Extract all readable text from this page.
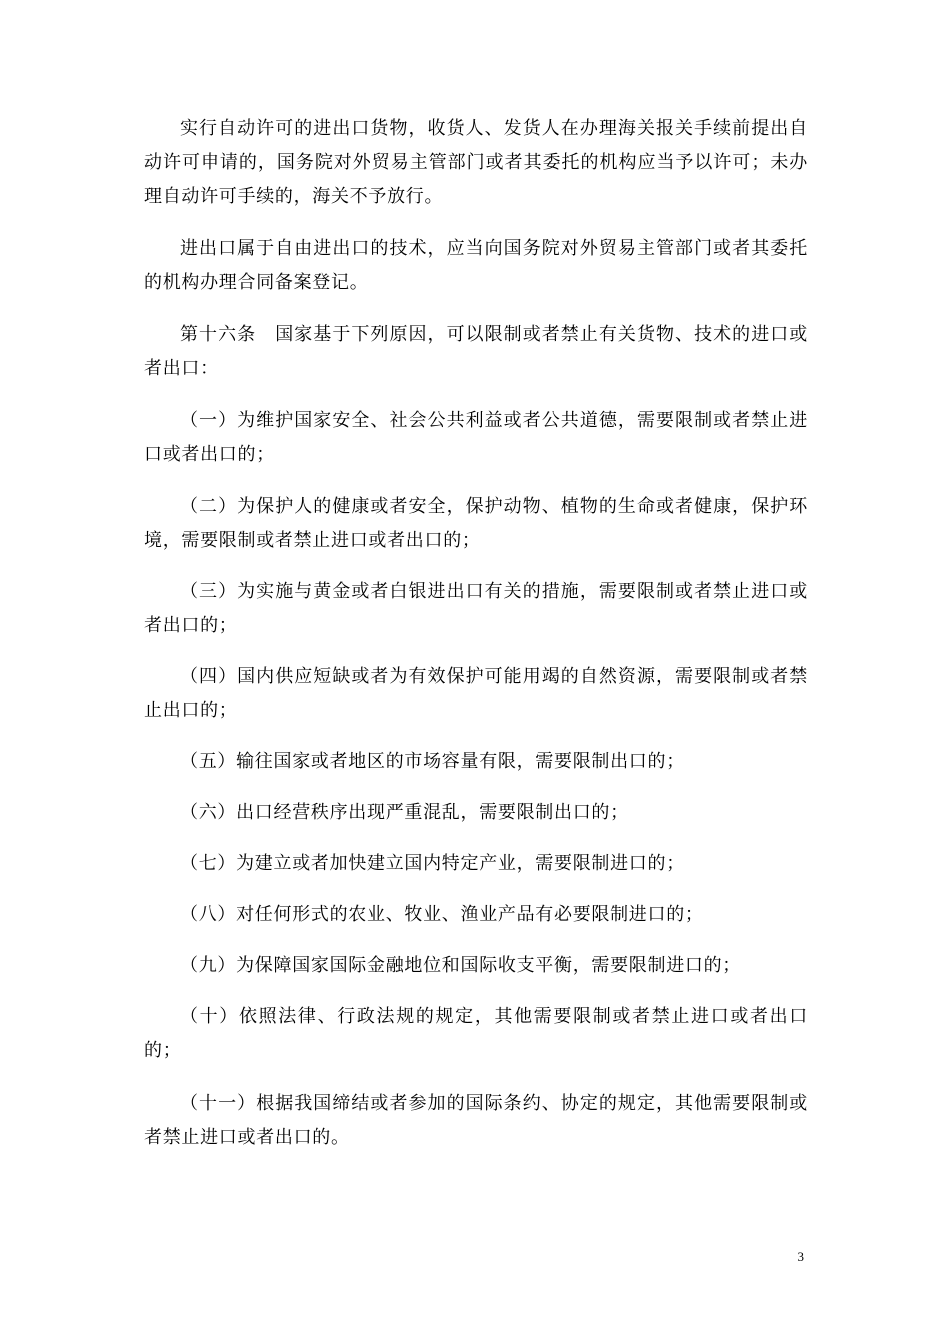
实行自动许可的进出口货物，收货人、发货人在办理海关报关手续前提出自动许可申请的，国务院对外贸易主管部门或者其委托的机构应当予以许可；未办理自动许可手续的，海关不予放行。

进出口属于自由进出口的技术，应当向国务院对外贸易主管部门或者其委托的机构办理合同备案登记。

第十六条　国家基于下列原因，可以限制或者禁止有关货物、技术的进口或者出口：

（一）为维护国家安全、社会公共利益或者公共道德，需要限制或者禁止进口或者出口的；

（二）为保护人的健康或者安全，保护动物、植物的生命或者健康，保护环境，需要限制或者禁止进口或者出口的；

（三）为实施与黄金或者白银进出口有关的措施，需要限制或者禁止进口或者出口的；

（四）国内供应短缺或者为有效保护可能用竭的自然资源，需要限制或者禁止出口的；

（五）输往国家或者地区的市场容量有限，需要限制出口的；

（六）出口经营秩序出现严重混乱，需要限制出口的；

（七）为建立或者加快建立国内特定产业，需要限制进口的；

（八）对任何形式的农业、牧业、渔业产品有必要限制进口的；

（九）为保障国家国际金融地位和国际收支平衡，需要限制进口的；

（十）依照法律、行政法规的规定，其他需要限制或者禁止进口或者出口的；

（十一）根据我国缔结或者参加的国际条约、协定的规定，其他需要限制或者禁止进口或者出口的。

3
